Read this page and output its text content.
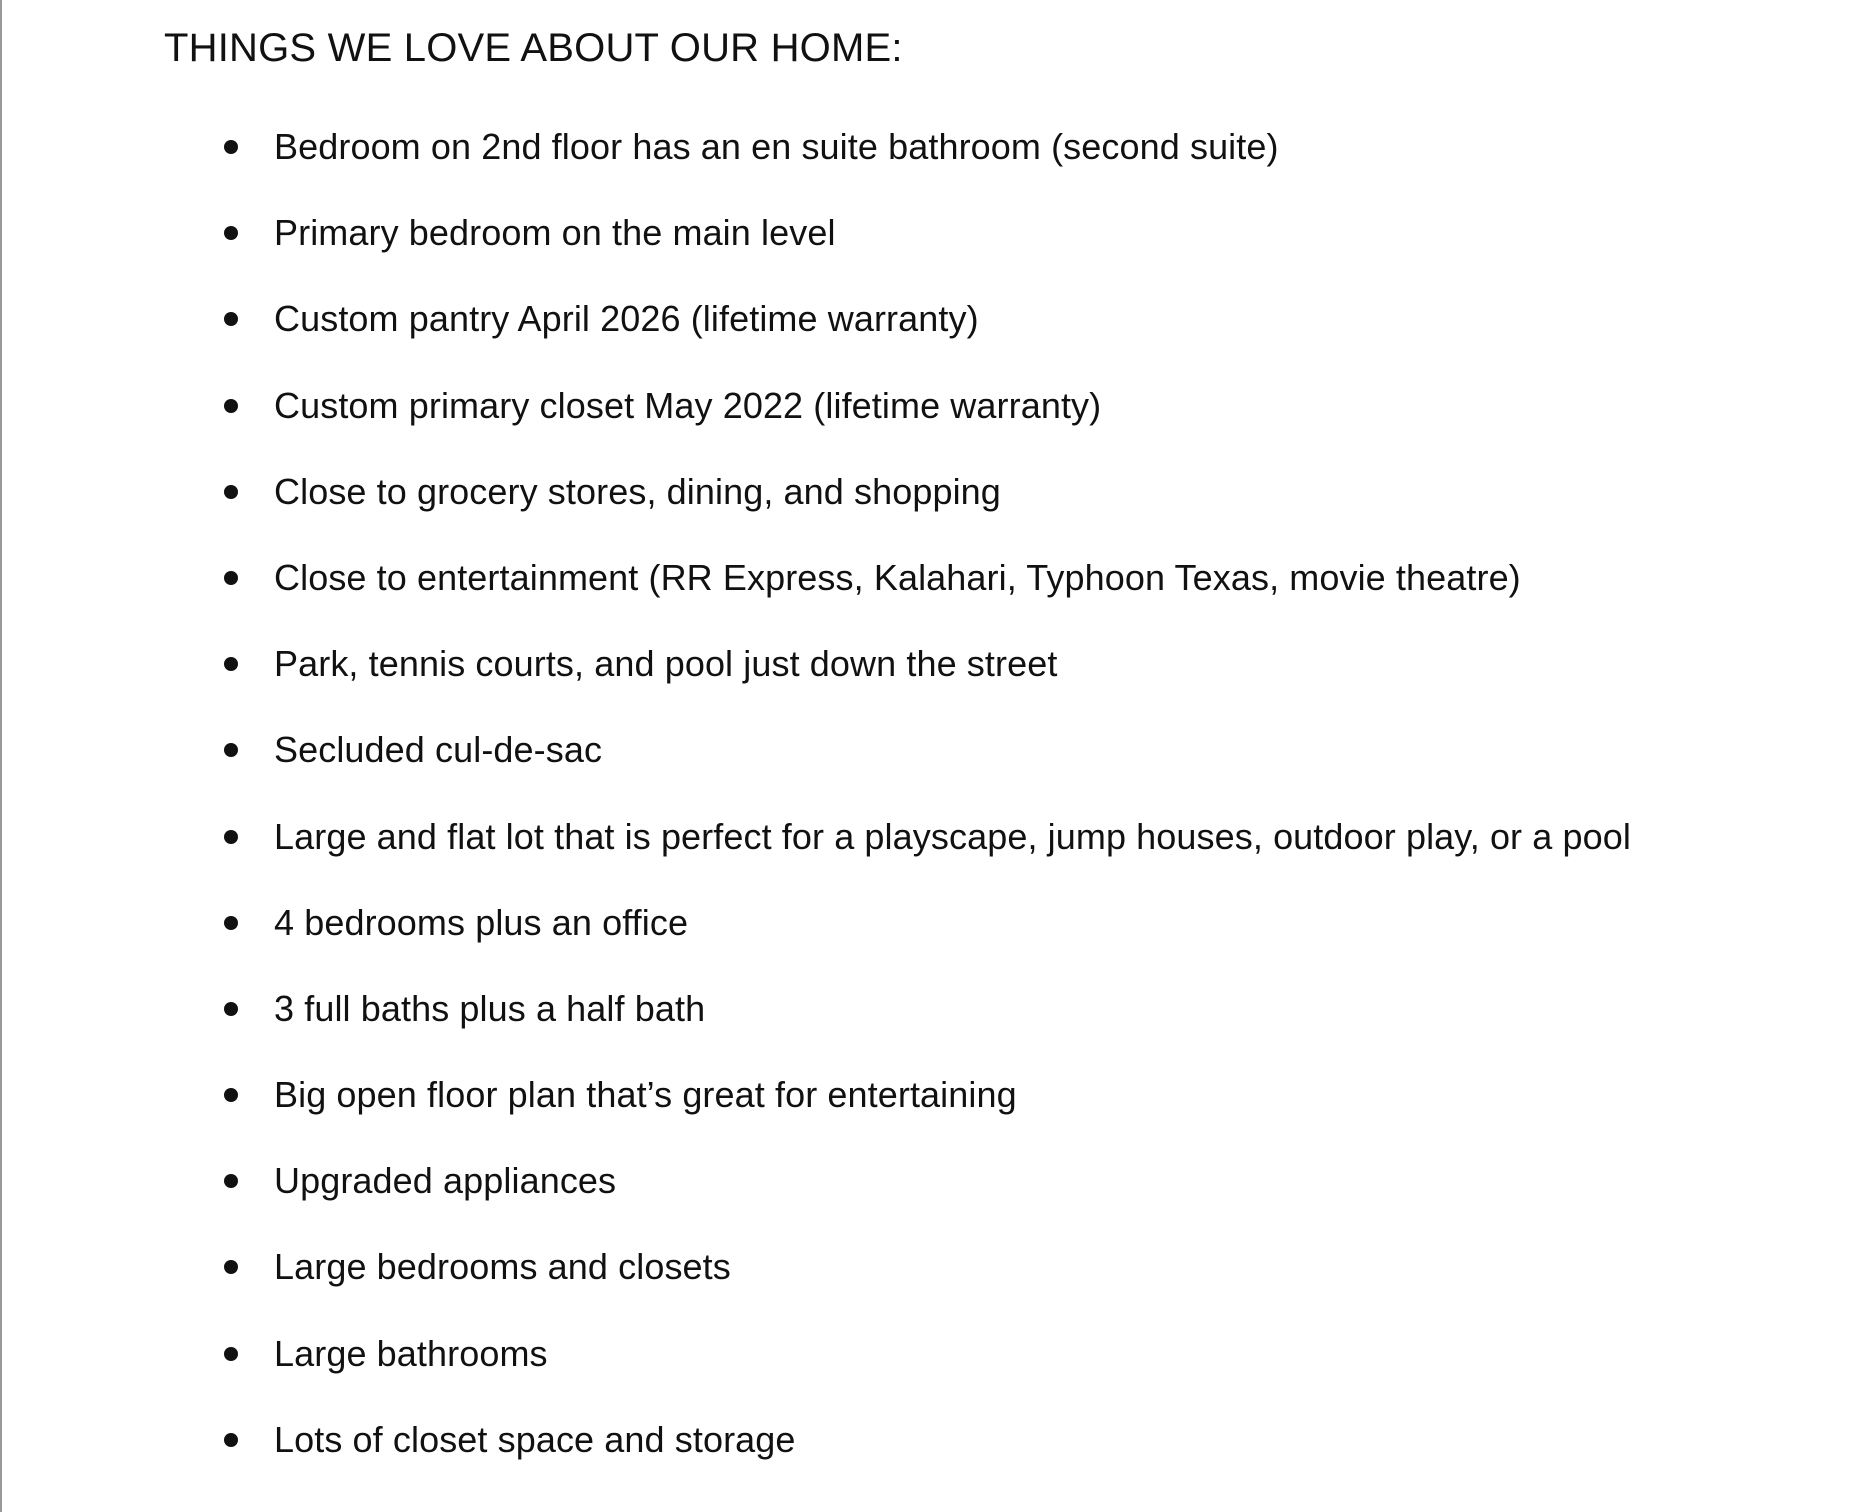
THINGS WE LOVE ABOUT OUR HOME:
Bedroom on 2nd floor has an en suite bathroom (second suite)
Primary bedroom on the main level
Custom pantry April 2026 (lifetime warranty)
Custom primary closet May 2022 (lifetime warranty)
Close to grocery stores, dining, and shopping
Close to entertainment (RR Express, Kalahari, Typhoon Texas, movie theatre)
Park, tennis courts, and pool just down the street
Secluded cul-de-sac
Large and flat lot that is perfect for a playscape, jump houses, outdoor play, or a pool
4 bedrooms plus an office
3 full baths plus a half bath
Big open floor plan that’s great for entertaining
Upgraded appliances
Large bedrooms and closets
Large bathrooms
Lots of closet space and storage
